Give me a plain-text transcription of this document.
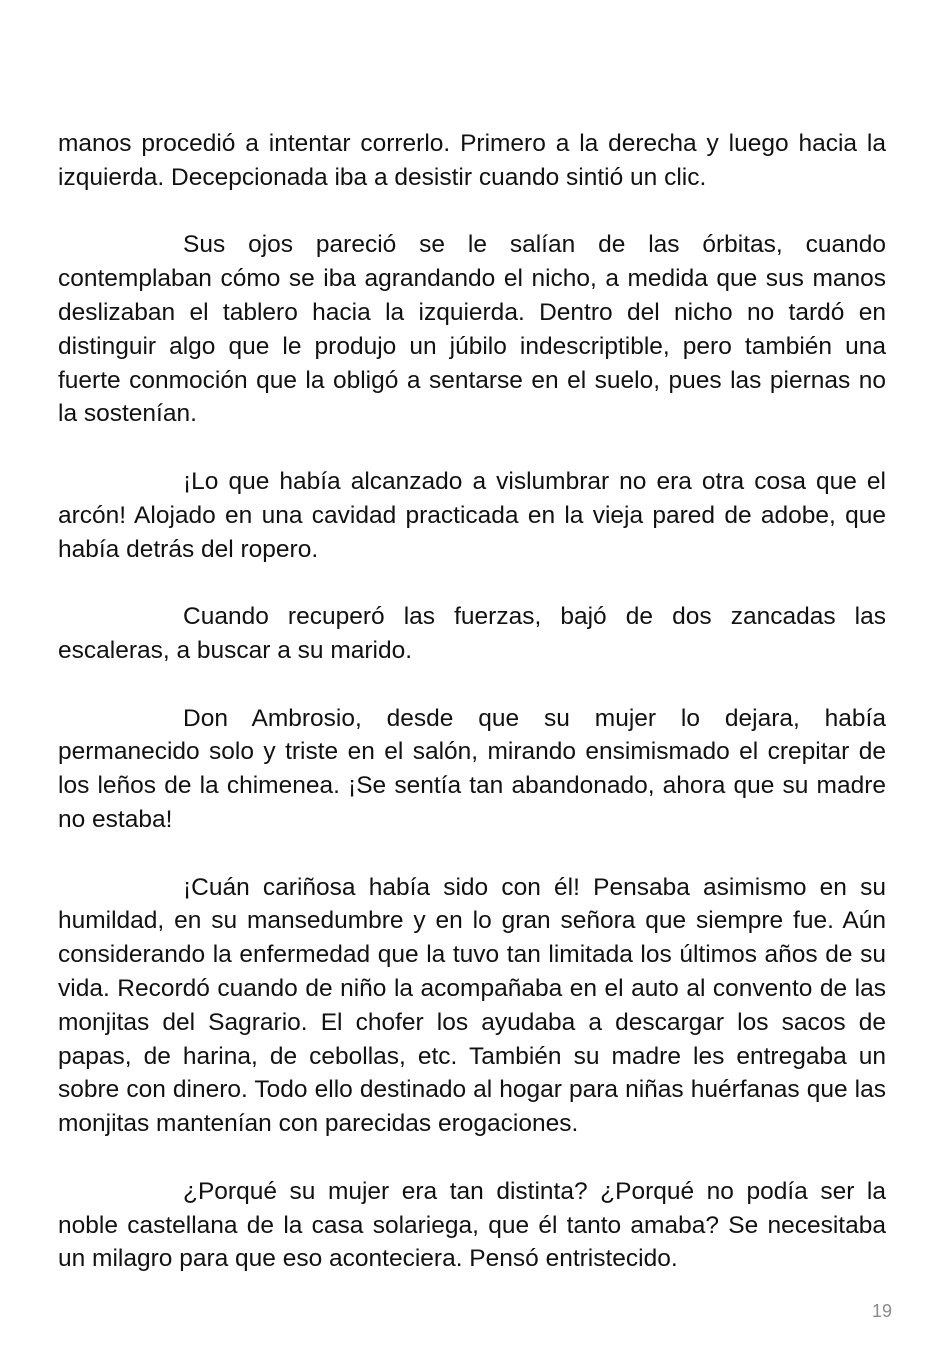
manos procedió a intentar correrlo. Primero a la derecha y luego hacia la izquierda. Decepcionada iba a desistir cuando sintió un clic.

Sus ojos pareció se le salían de las órbitas, cuando contemplaban cómo se iba agrandando el nicho, a medida que sus manos deslizaban el tablero hacia la izquierda. Dentro del nicho no tardó en distinguir algo que le produjo un júbilo indescriptible, pero también una fuerte conmoción que la obligó a sentarse en el suelo, pues las piernas no la sostenían.

¡Lo que había alcanzado a vislumbrar no era otra cosa que el arcón! Alojado en una cavidad practicada en la vieja pared de adobe, que había detrás del ropero.

Cuando recuperó las fuerzas, bajó de dos zancadas las escaleras, a buscar a su marido.

Don Ambrosio, desde que su mujer lo dejara, había permanecido solo y triste en el salón, mirando ensimismado el crepitar de los leños de la chimenea. ¡Se sentía tan abandonado, ahora que su madre no estaba!

¡Cuán cariñosa había sido con él! Pensaba asimismo en su humildad, en su mansedumbre y en lo gran señora que siempre fue. Aún considerando la enfermedad que la tuvo tan limitada los últimos años de su vida. Recordó cuando de niño la acompañaba en el auto al convento de las monjitas del Sagrario. El chofer los ayudaba a descargar los sacos de papas, de harina, de cebollas, etc. También su madre les entregaba un sobre con dinero. Todo ello destinado al hogar para niñas huérfanas que las monjitas mantenían con parecidas erogaciones.

¿Porqué su mujer era tan distinta? ¿Porqué no podía ser la noble castellana de la casa solariega, que él tanto amaba? Se necesitaba un milagro para que eso aconteciera. Pensó entristecido.

19
